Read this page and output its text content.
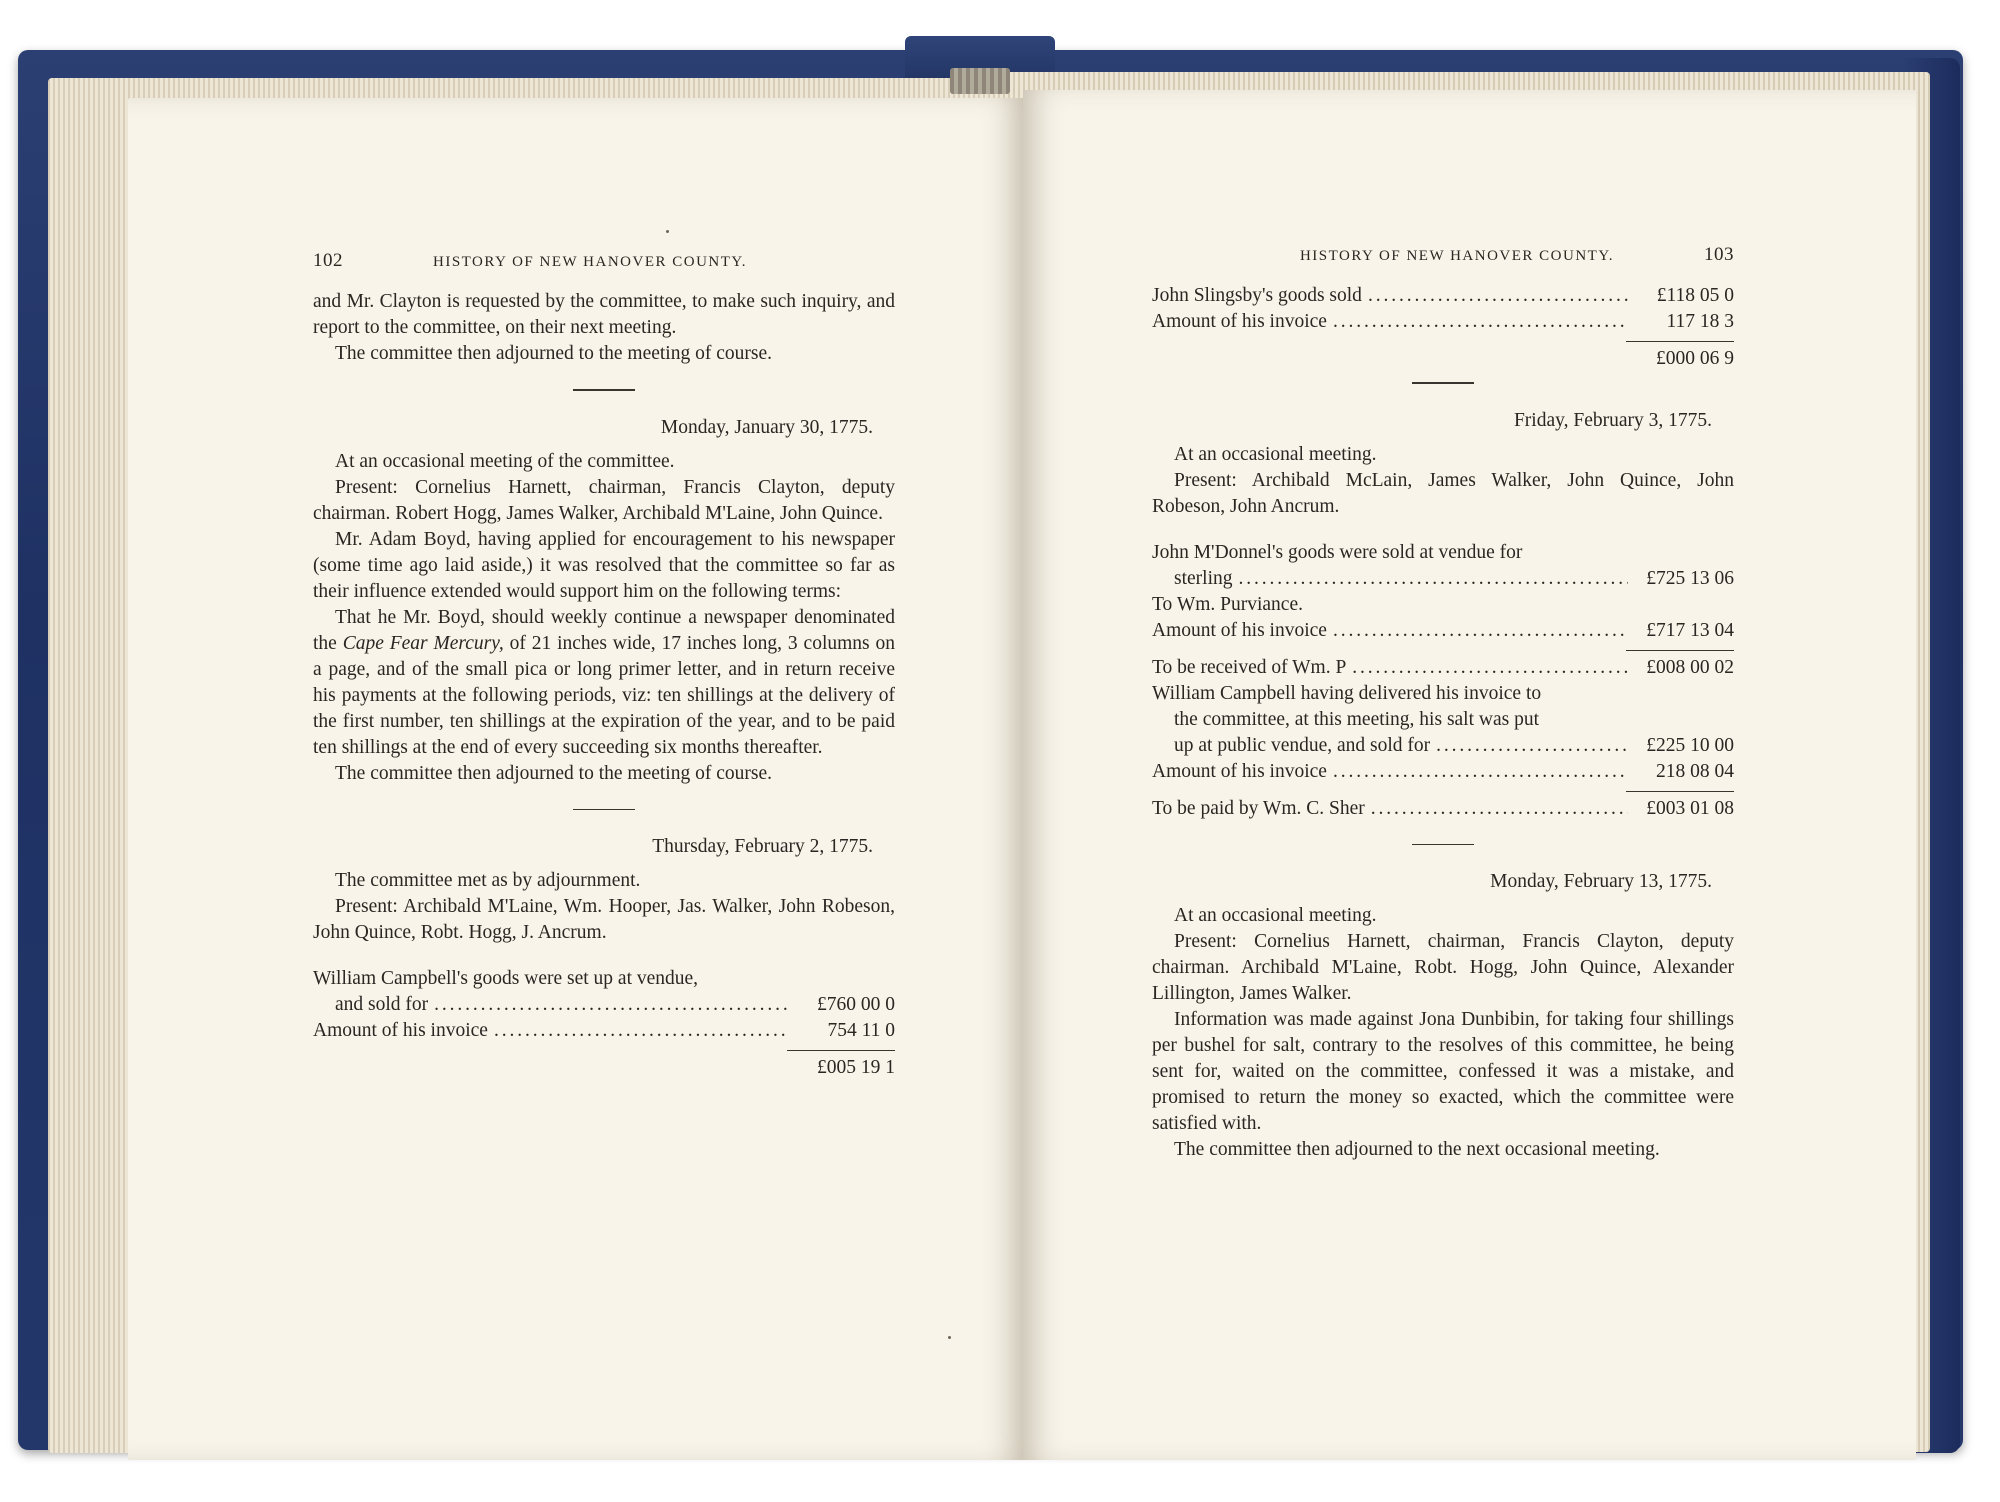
102	HISTORY OF NEW HANOVER COUNTY.

and Mr. Clayton is requested by the committee, to make such inquiry, and report to the committee, on their next meeting.

The committee then adjourned to the meeting of course.

Monday, January 30, 1775.

At an occasional meeting of the committee.

Present: Cornelius Harnett, chairman, Francis Clayton, deputy chairman. Robert Hogg, James Walker, Archibald M'Laine, John Quince.

Mr. Adam Boyd, having applied for encouragement to his newspaper (some time ago laid aside,) it was resolved that the committee so far as their influence extended would support him on the following terms:

That he Mr. Boyd, should weekly continue a newspaper denominated the Cape Fear Mercury, of 21 inches wide, 17 inches long, 3 columns on a page, and of the small pica or long primer letter, and in return receive his payments at the following periods, viz: ten shillings at the delivery of the first number, ten shillings at the expiration of the year, and to be paid ten shillings at the end of every succeeding six months thereafter.

The committee then adjourned to the meeting of course.

Thursday, February 2, 1775.

The committee met as by adjournment.

Present: Archibald M'Laine, Wm. Hooper, Jas. Walker, John Robeson, John Quince, Robt. Hogg, J. Ancrum.

William Campbell's goods were set up at vendue,
and sold for . . .	£760 00 0
Amount of his invoice . . .	754 11 0
£005 19 1
HISTORY OF NEW HANOVER COUNTY.	103
John Slingsby's goods sold . . .	£118 05 0
Amount of his invoice . . .	117 18 3
£000 06 9
Friday, February 3, 1775.

At an occasional meeting.

Present: Archibald McLain, James Walker, John Quince, John Robeson, John Ancrum.

John M'Donnel's goods were sold at vendue for
sterling . . .	£725 13 06
To Wm. Purviance.
Amount of his invoice . . .	£717 13 04
To be received of Wm. P . . .	£008 00 02
William Campbell having delivered his invoice to
the committee, at this meeting, his salt was put
up at public vendue, and sold for . . .	£225 10 00
Amount of his invoice . . .	218 08 04
To be paid by Wm. C. Sher . . .	£003 01 08
Monday, February 13, 1775.

At an occasional meeting.

Present: Cornelius Harnett, chairman, Francis Clayton, deputy chairman. Archibald M'Laine, Robt. Hogg, John Quince, Alexander Lillington, James Walker.

Information was made against Jona Dunbibin, for taking four shillings per bushel for salt, contrary to the resolves of this committee, he being sent for, waited on the committee, confessed it was a mistake, and promised to return the money so exacted, which the committee were satisfied with.

The committee then adjourned to the next occasional meeting.
